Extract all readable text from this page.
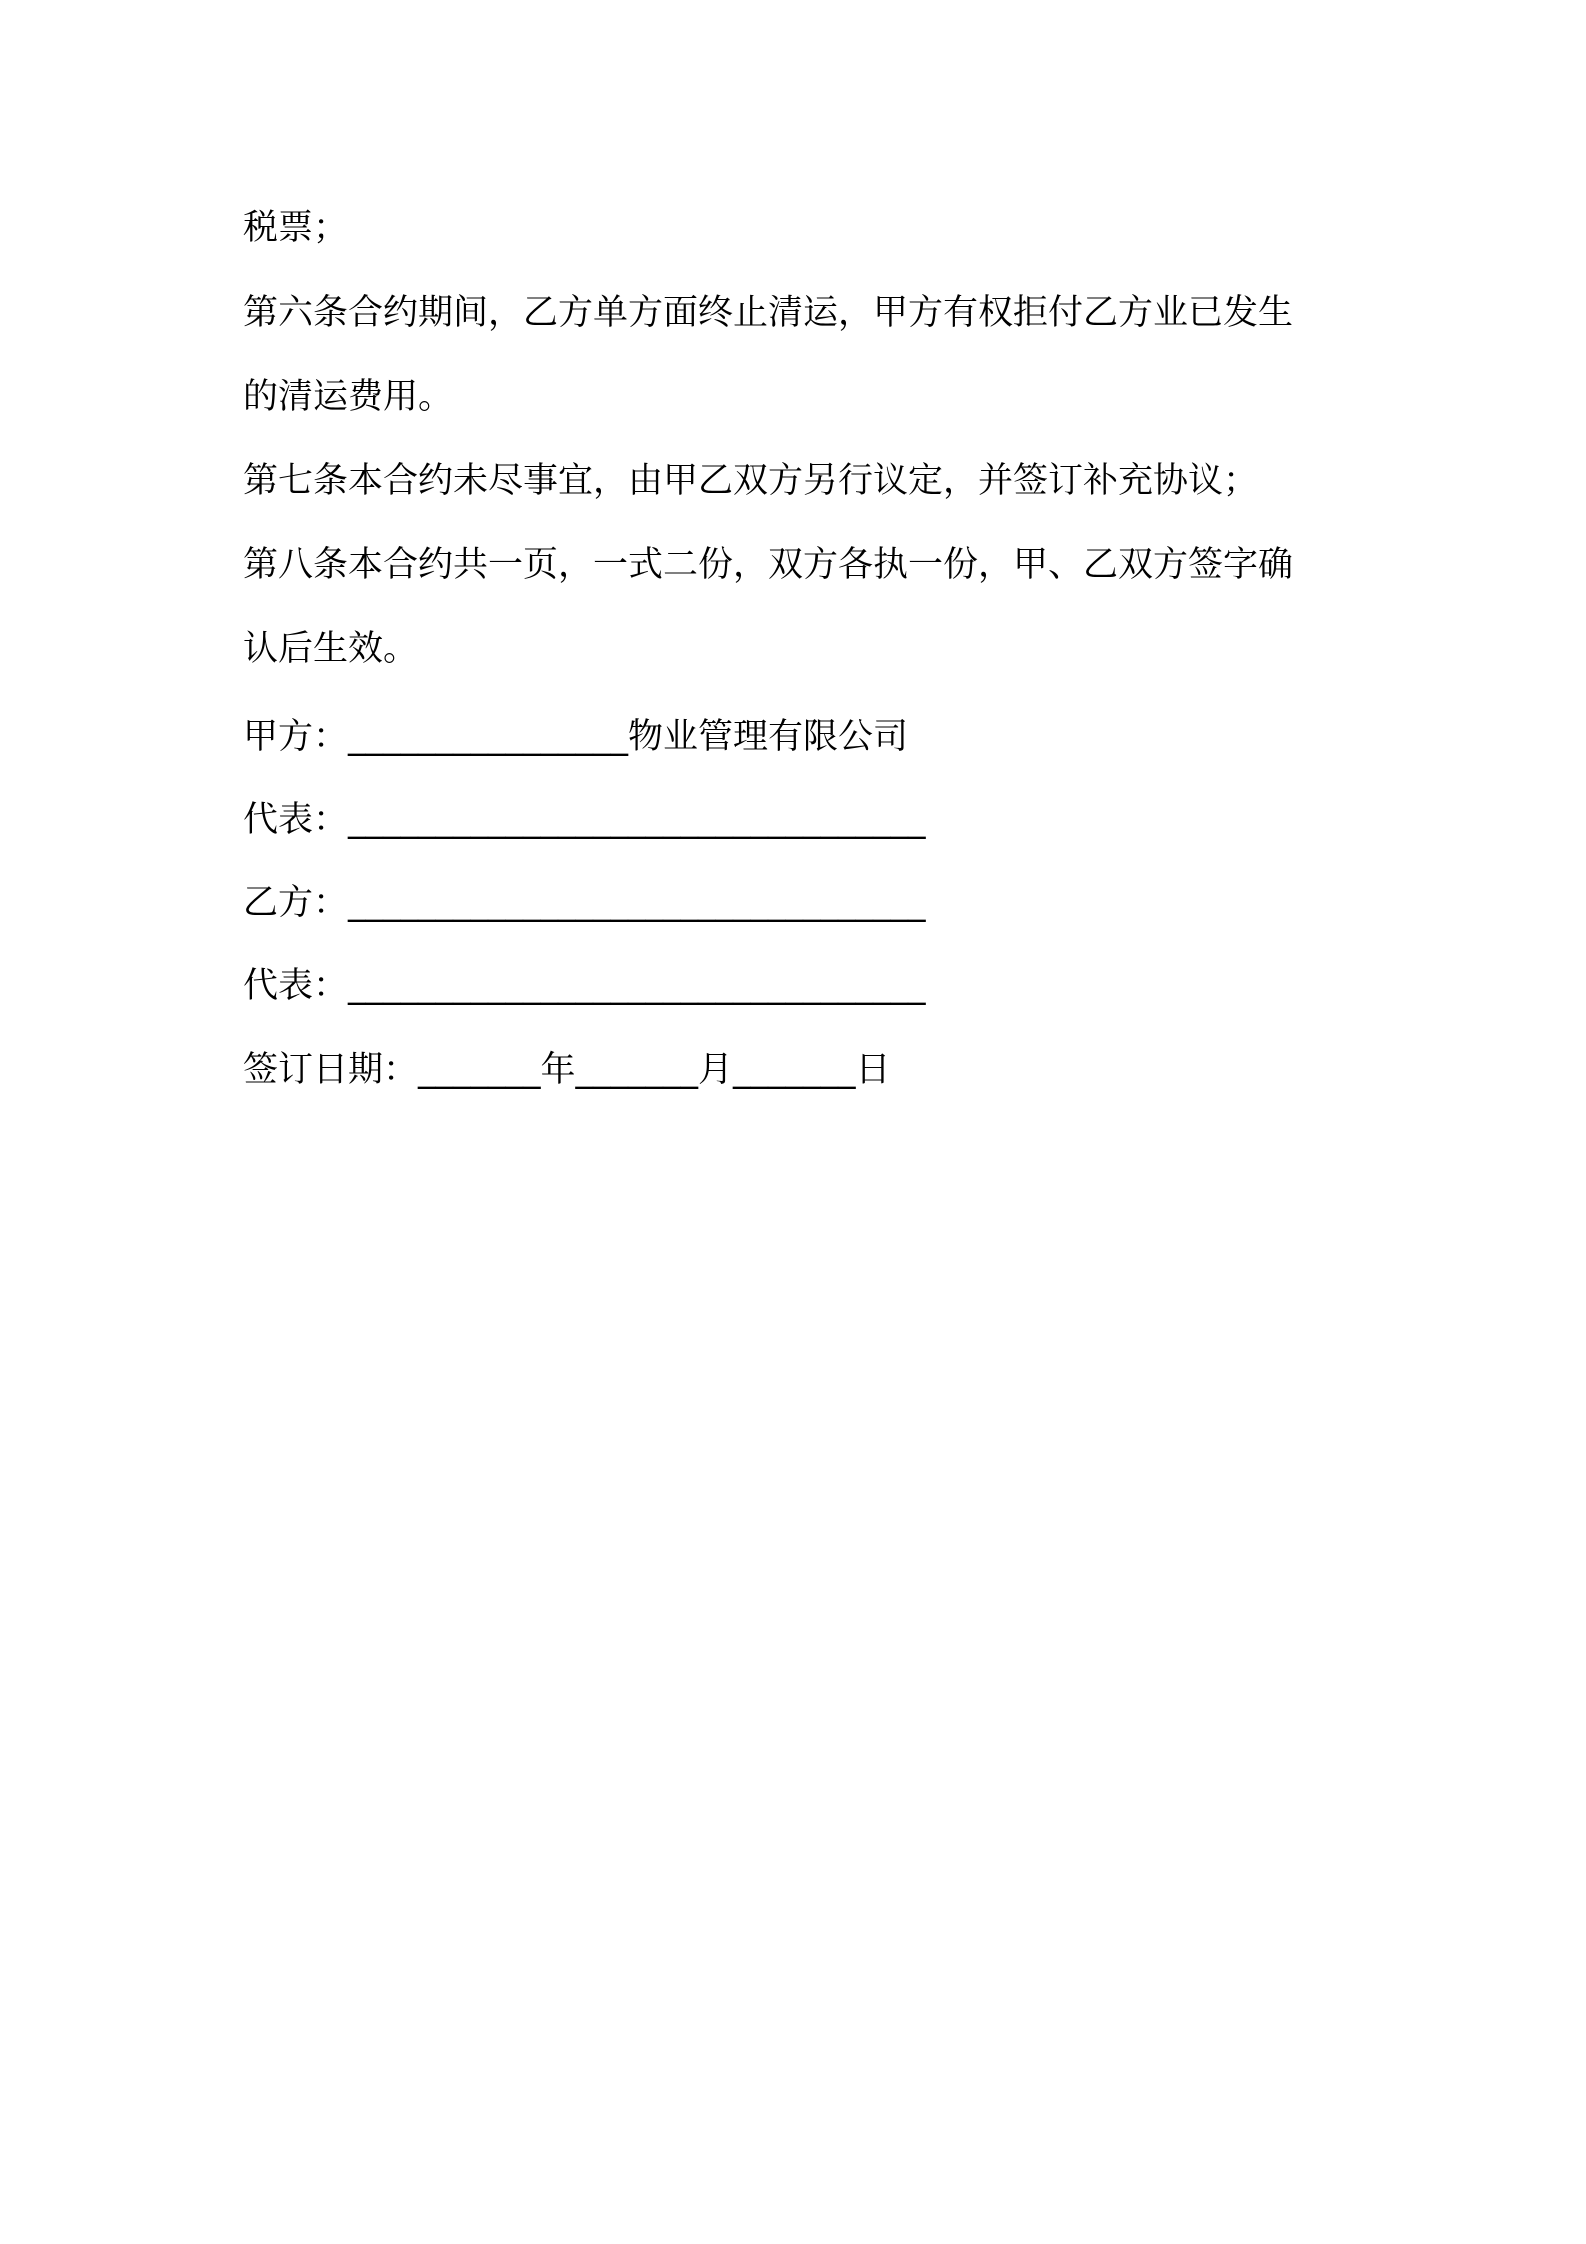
税票；
第六条合约期间，乙方单方面终止清运，甲方有权拒付乙方业已发生
的清运费用。
第七条本合约未尽事宜，由甲乙双方另行议定，并签订补充协议；
第八条本合约共一页，一式二份，双方各执一份，甲、乙双方签字确
认后生效。
甲方：________________物业管理有限公司
代表：_________________________________
乙方：_________________________________
代表：_________________________________
签订日期：_______年_______月_______日
